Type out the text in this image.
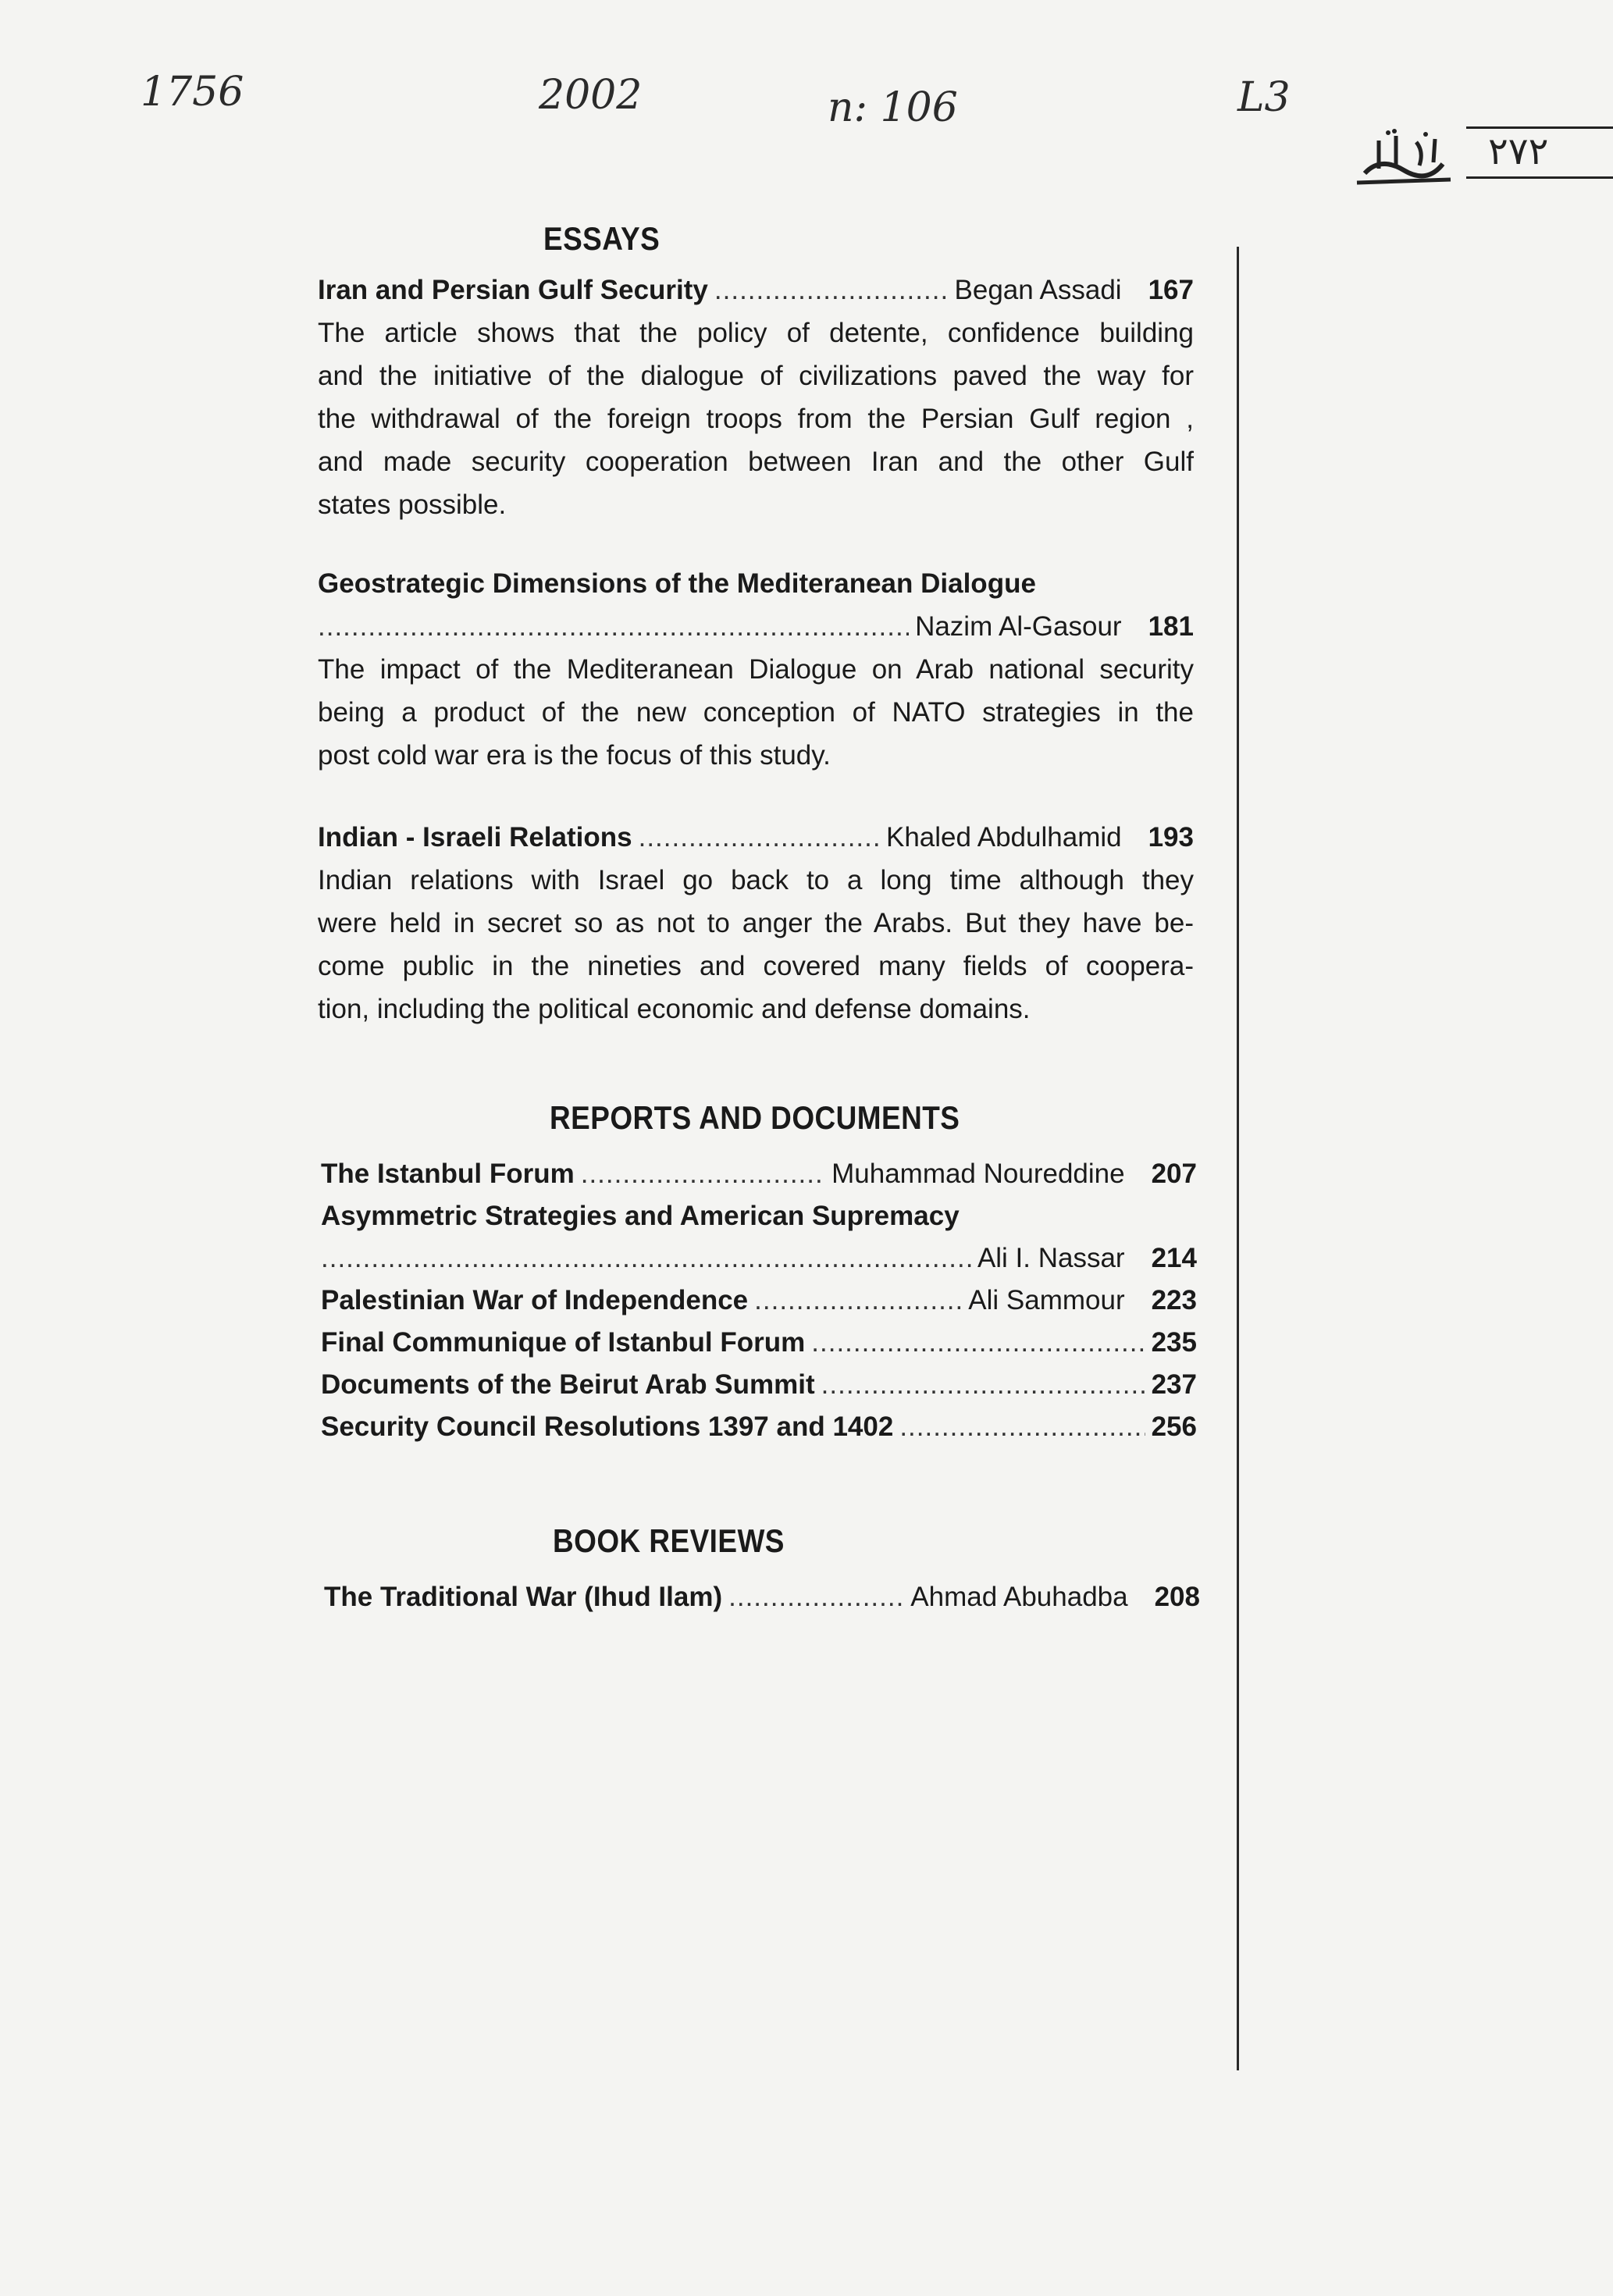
1756	2002	n: 106	L3
٢٧٢
ESSAYS
Iran and Persian Gulf Security .....	Began Assadi 167
The article shows that the policy of detente, confidence building
and the initiative of the dialogue of civilizations paved the way for
the withdrawal of the foreign troops from the Persian Gulf region ,
and made security cooperation between Iran and the other Gulf
states possible.
Geostrategic Dimensions of the Mediteranean Dialogue
.....
Nazim Al-Gasour 181
The impact of the Mediteranean Dialogue on Arab national security
being a product of the new conception of NATO strategies in the
post cold war era is the focus of this study.
Indian - Israeli Relations .....	Khaled Abdulhamid 193
Indian relations with Israel go back to a long time although they
were held in secret so as not to anger the Arabs. But they have be-
come public in the nineties and covered many fields of coopera-
tion, including the political economic and defense domains.
REPORTS AND DOCUMENTS
The Istanbul Forum .....	Muhammad Noureddine 207
Asymmetric Strategies and American Supremacy
.....
Ali I. Nassar 214
Palestinian War of Independence .....	Ali Sammour 223
Final Communique of Istanbul Forum .....	235
Documents of the Beirut Arab Summit .....	237
Security Council Resolutions 1397 and 1402 .....	256
BOOK REVIEWS
The Traditional War (Ihud Ilam) .....	Ahmad Abuhadba 208
